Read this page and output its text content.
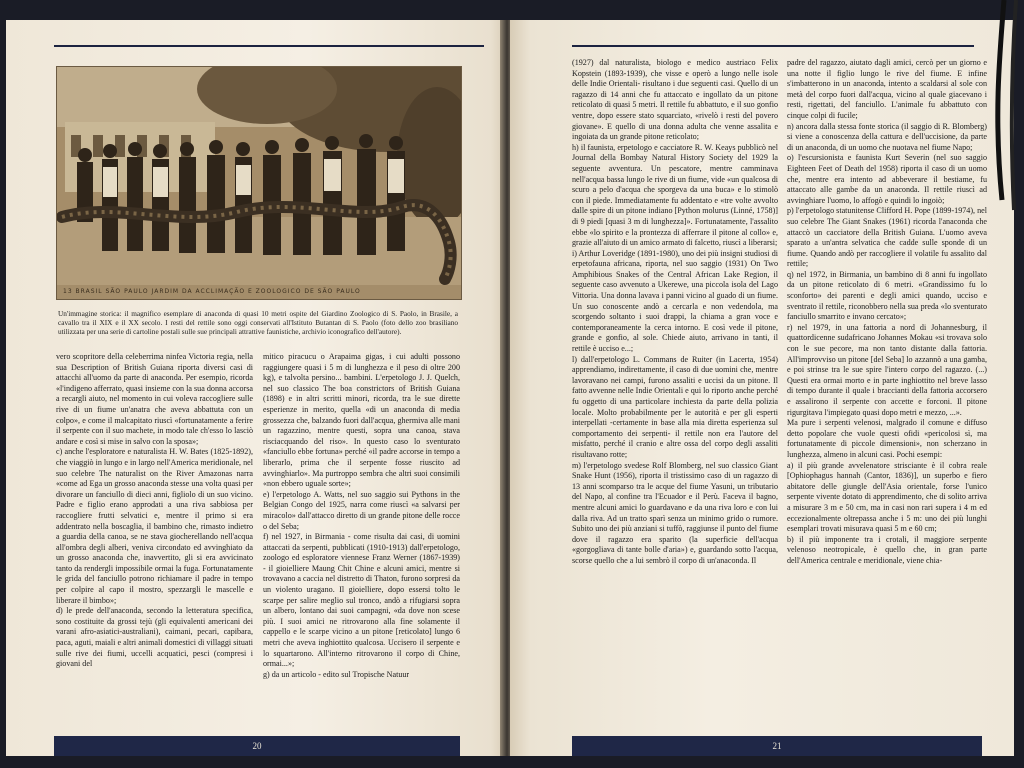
13 BRASIL SÃO PAULO JARDIM DA ACCLIMAÇÃO E ZOOLOGICO DE SÃO PAULO
Un'immagine storica: il magnifico esemplare di anaconda di quasi 10 metri ospite del Giardino Zoologico di S. Paolo, in Brasile, a cavallo tra il XIX e il XX secolo. I resti del rettile sono oggi conservati all'Istituto Butantan di S. Paolo (foto dello zoo brasiliano utilizzata per una serie di cartoline postali sulle sue principali attrattive faunistiche, archivio iconografico dell'autore).

vero scopritore della celeberrima ninfea Victoria regia, nella sua Description of British Guiana riporta diversi casi di attacchi all'uomo da parte di anaconda. Per esempio, ricorda «l'indigeno afferrato, quasi insieme con la sua donna accorsa a recargli aiuto, nel momento in cui voleva raccogliere sulle rive di un fiume un'anatra che aveva abbattuta con un colpo», e come il malcapitato riuscì «fortunatamente a ferire il serpente con il suo machete, in modo tale ch'esso lo lasciò andare e così si mise in salvo con la sposa»;

c) anche l'esploratore e naturalista H. W. Bates (1825-1892), che viaggiò in lungo e in largo nell'America meridionale, nel suo celebre The naturalist on the River Amazonas narra «come ad Ega un grosso anaconda stesse una volta quasi per divorare un fanciullo di dieci anni, figliolo di un suo vicino. Padre e figlio erano approdati a una riva sabbiosa per raccogliere frutti selvatici e, mentre il primo si era addentrato nella boscaglia, il bambino che, rimasto indietro a guardia della canoa, se ne stava giocherellando nell'acqua all'ombra degli alberi, veniva circondato ed avvinghiato da un grosso anaconda che, inavvertito, gli si era avvicinato tanto da rendergli impossibile ormai la fuga. Fortunatamente le grida del fanciullo potrono richiamare il padre in tempo per colpire al capo il mostro, spezzargli le mascelle e liberare il bimbo»;

d) le prede dell'anaconda, secondo la letteratura specifica, sono costituite da grossi tejù (gli equivalenti americani dei varani afro-asiatici-australiani), caimani, pecari, capibara, paca, aguti, maiali e altri animali domestici di villaggi situati sulle rive dei fiumi, uccelli acquatici, pesci (compresi i giovani del

mitico piracucu o Arapaima gigas, i cui adulti possono raggiungere quasi i 5 m di lunghezza e il peso di oltre 200 kg), e talvolta persino... bambini. L'erpetologo J. J. Quelch, nel suo classico The boa constrictors of British Guiana (1898) e in altri scritti minori, ricorda, tra le sue dirette esperienze in merito, quella «di un anaconda di media grossezza che, balzando fuori dall'acqua, ghermiva alle mani un ragazzino, mentre questi, sopra una canoa, stava risciacquando del riso». In questo caso lo sventurato «fanciullo ebbe fortuna» perché «il padre accorse in tempo a liberarlo, prima che il serpente fosse riuscito ad avvinghiarlo». Ma purtroppo sembra che altri suoi consimili «non ebbero uguale sorte»;

e) l'erpetologo A. Watts, nel suo saggio sui Pythons in the Belgian Congo del 1925, narra come riuscì «a salvarsi per miracolo» dall'attacco diretto di un grande pitone delle rocce o del Seba;

f) nel 1927, in Birmania - come risulta dai casi, di uomini attaccati da serpenti, pubblicati (1910-1913) dall'erpetologo, zoologo ed esploratore viennese Franz Werner (1867-1939) - il gioielliere Maung Chit Chine e alcuni amici, mentre si trovavano a caccia nel distretto di Thaton, furono sorpresi da un violento uragano. Il gioielliere, dopo essersi tolto le scarpe per salire meglio sul tronco, andò a rifugiarsi sopra un albero, lontano dai suoi campagni, «da dove non scese più. I suoi amici ne ritrovarono alla fine solamente il cappello e le scarpe vicino a un pitone [reticolato] lungo 6 metri che aveva inghiottito qualcosa. Uccisero il serpente e lo squartarono. All'interno ritrovarono il corpo di Chine, ormai...»;

g) da un articolo - edito sul Tropische Natuur

20

(1927) dal naturalista, biologo e medico austriaco Felix Kopstein (1893-1939), che visse e operò a lungo nelle isole delle Indie Orientali- risultano i due seguenti casi. Quello di un ragazzo di 14 anni che fu attaccato e ingollato da un pitone reticolato di quasi 5 metri. Il rettile fu abbattuto, e il suo gonfio ventre, dopo essere stato squarciato, «rivelò i resti del povero giovane». E quello di una donna adulta che venne assalita e ingoiata da un grande pitone reticolato;

h) il faunista, erpetologo e cacciatore R. W. Keays pubblicò nel Journal della Bombay Natural History Society del 1929 la seguente avventura. Un pescatore, mentre camminava nell'acqua bassa lungo le rive di un fiume, vide «un qualcosa di scuro a pelo d'acqua che sporgeva da una buca» e lo stimolò con il piede. Immediatamente fu addentato e «tre volte avvolto dalle spire di un pitone indiano [Python molurus (Linné, 1758)] di 9 piedi [quasi 3 m di lunghezza]». Fortunatamente, l'assalito ebbe «lo spirito e la prontezza di afferrare il pitone al collo» e, grazie all'aiuto di un amico armato di falcetto, riuscì a liberarsi;

i) Arthur Loveridge (1891-1980), uno dei più insigni studiosi di erpetofauna africana, riporta, nel suo saggio (1931) On Two Amphibious Snakes of the Central African Lake Region, il seguente caso avvenuto a Ukerewe, una piccola isola del Lago Vittoria. Una donna lavava i panni vicino al guado di un fiume. Un suo conoscente andò a cercarla e non vedendola, ma scorgendo soltanto i suoi drappi, la chiama a gran voce e contemporaneamente la cerca intorno. E così vede il pitone, grande e gonfio, al sole. Chiede aiuto, arrivano in tanti, il rettile è ucciso e...;

l) dall'erpetologo L. Commans de Ruiter (in Lacerta, 1954) apprendiamo, indirettamente, il caso di due uomini che, mentre lavoravano nei campi, furono assaliti e uccisi da un pitone. Il fatto avvenne nelle Indie Orientali e qui lo riporto anche perché fu oggetto di una particolare inchiesta da parte della polizia locale. Molto probabilmente per le autorità e per gli esperti interpellati -certamente in base alla mia diretta esperienza sul comportamento dei serpenti- il rettile non era l'autore del misfatto, perché il cranio e altre ossa del corpo degli assaliti risultavano rotte;

m) l'erpetologo svedese Rolf Blomberg, nel suo classico Giant Snake Hunt (1956), riporta il tristissimo caso di un ragazzo di 13 anni scomparso tra le acque del fiume Yasuni, un tributario del Napo, al confine tra l'Ecuador e il Perù. Faceva il bagno, mentre alcuni amici lo guardavano e da una riva loro e con lui dalla riva. Ad un tratto sparì senza un minimo grido o rumore. Subito uno dei più anziani si tuffò, raggiunse il punto del fiume dove il ragazzo era sparito (la superficie dell'acqua «gorgogliava di tante bolle d'aria») e, guardando sotto l'acqua, scorse quello che a lui sembrò il corpo di un'anaconda. Il

padre del ragazzo, aiutato dagli amici, cercò per un giorno e una notte il figlio lungo le rive del fiume. E infine s'imbatterono in un anaconda, intento a scaldarsi al sole con metà del corpo fuori dall'acqua, vicino al quale giacevano i resti, rigettati, del fanciullo. L'animale fu abbattuto con cinque colpi di fucile;

n) ancora dalla stessa fonte storica (il saggio di R. Blomberg) si viene a conoscenza della cattura e dell'uccisione, da parte di un anaconda, di un uomo che nuotava nel fiume Napo;

o) l'escursionista e faunista Kurt Severin (nel suo saggio Eighteen Feet of Death del 1958) riporta il caso di un uomo che, mentre era intento ad abbeverare il bestiame, fu attaccato alle gambe da un anaconda. Il rettile riuscì ad avvinghiare l'uomo, lo affogò e quindi lo ingoiò;

p) l'erpetologo statunitense Clifford H. Pope (1899-1974), nel suo celebre The Giant Snakes (1961) ricorda l'anaconda che attaccò un cacciatore della British Guiana. L'uomo aveva sparato a un'antra selvatica che cadde sulle sponde di un fiume. Quando andò per raccogliere il volatile fu assalito dal rettile;

q) nel 1972, in Birmania, un bambino di 8 anni fu ingollato da un pitone reticolato di 6 metri. «Grandissimo fu lo sconforto» dei parenti e degli amici quando, ucciso e sventrato il rettile, riconobbero nella sua preda «lo sventurato fanciullo smarrito e invano cercato»;

r) nel 1979, in una fattoria a nord di Johannesburg, il quattordicenne sudafricano Johannes Mokau «si trovava solo con le sue pecore, ma non tanto distante dalla fattoria. All'improvviso un pitone [del Seba] lo azzannò a una gamba, e poi strinse tra le sue spire l'intero corpo del ragazzo. (...) Questi era ormai morto e in parte inghiottito nel breve lasso di tempo durante il quale i braccianti della fattoria accorsero e assalirono il serpente con accette e forconi. Il pitone rigurgitava l'impiegato quasi dopo metri e mezzo, ...».

Ma pure i serpenti velenosi, malgrado il comune e diffuso detto popolare che vuole questi ofidi «pericolosi sì, ma fortunatamente di piccole dimensioni», non scherzano in lunghezza, almeno in alcuni casi. Pochi esempi:

a) il più grande avvelenatore strisciante è il cobra reale [Ophiophagus hannah (Cantor, 1836)], un superbo e fiero abitatore delle giungle dell'Asia orientale, forse l'unico serpente vivente dotato di apprendimento, che di solito arriva a misurare 3 m e 50 cm, ma in casi non rari supera i 4 m ed eccezionalmente oltrepassa anche i 5 m: uno dei più lunghi esemplari trovati misurava quasi 5 m e 60 cm;

b) il più imponente tra i crotali, il maggiore serpente velenoso neotropicale, è quello che, in gran parte dell'America centrale e meridionale, viene chia-

21
